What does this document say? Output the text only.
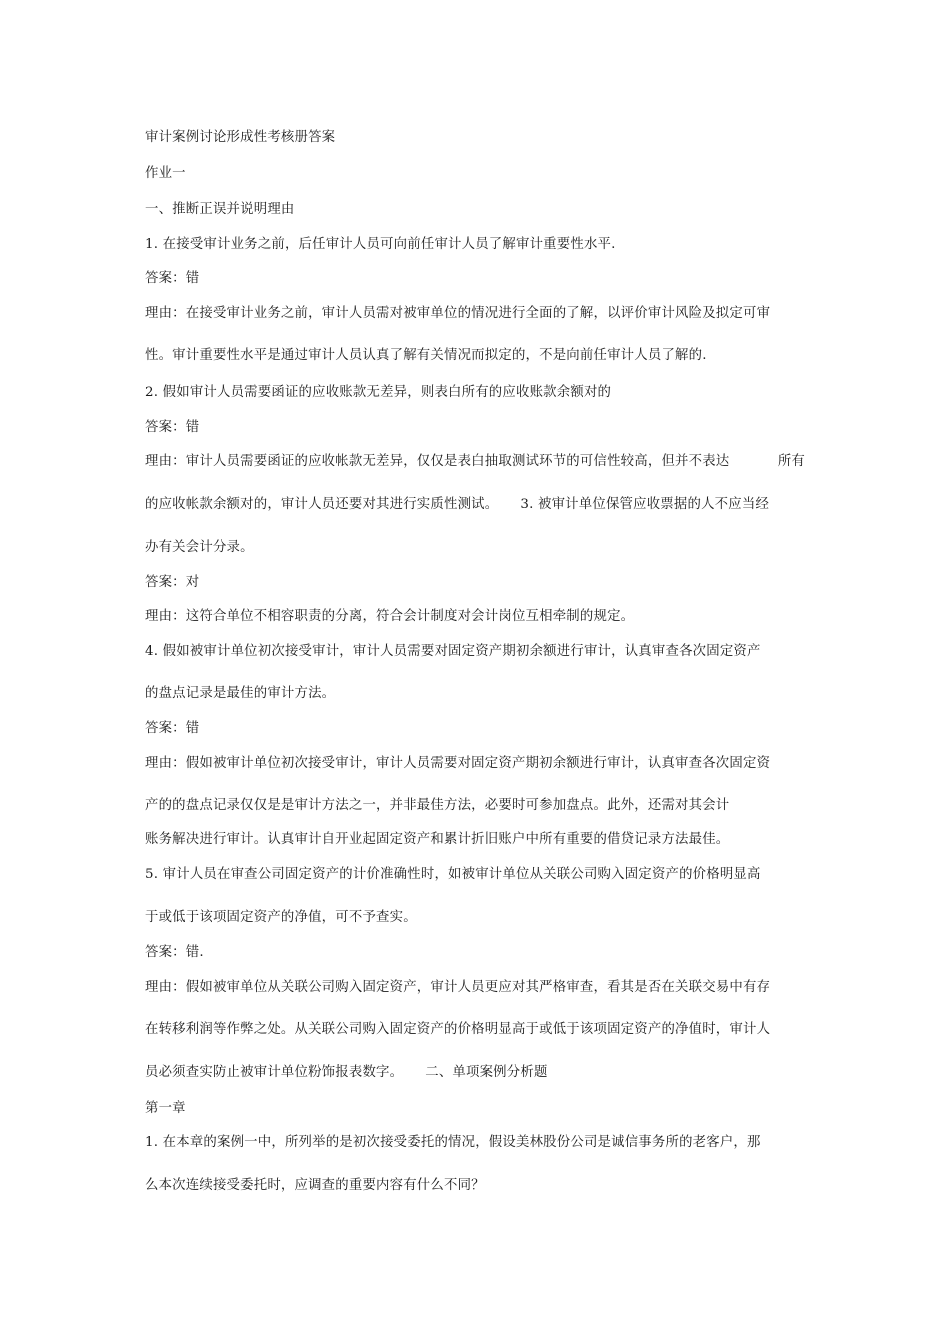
审计案例讨论形成性考核册答案
作业一
一、推断正误并说明理由
1. 在接受审计业务之前，后任审计人员可向前任审计人员了解审计重要性水平.
答案：错
理由：在接受审计业务之前，审计人员需对被审单位的情况进行全面的了解，以评价审计风险及拟定可审
性。审计重要性水平是通过审计人员认真了解有关情况而拟定的，不是向前任审计人员了解的.
2. 假如审计人员需要函证的应收账款无差异，则表白所有的应收账款余额对的
答案：错
理由：审计人员需要函证的应收帐款无差异，仅仅是表白抽取测试环节的可信性较高，但并不表达	所有
的应收帐款余额对的，审计人员还要对其进行实质性测试。 3. 被审计单位保管应收票据的人不应当经
办有关会计分录。
答案：对
理由：这符合单位不相容职责的分离，符合会计制度对会计岗位互相牵制的规定。
4. 假如被审计单位初次接受审计，审计人员需要对固定资产期初余额进行审计，认真审查各次固定资产
的盘点记录是最佳的审计方法。
答案：错
理由：假如被审计单位初次接受审计，审计人员需要对固定资产期初余额进行审计，认真审查各次固定资
产的的盘点记录仅仅是是审计方法之一，并非最佳方法，必要时可参加盘点。此外，还需对其会计
账务解决进行审计。认真审计自开业起固定资产和累计折旧账户中所有重要的借贷记录方法最佳。
5. 审计人员在审查公司固定资产的计价准确性时，如被审计单位从关联公司购入固定资产的价格明显高
于或低于该项固定资产的净值，可不予查实。
答案：错.
理由：假如被审单位从关联公司购入固定资产，审计人员更应对其严格审查，看其是否在关联交易中有存
在转移利润等作弊之处。从关联公司购入固定资产的价格明显高于或低于该项固定资产的净值时，审计人
员必须查实防止被审计单位粉饰报表数字。 二、单项案例分析题
第一章
1. 在本章的案例一中，所列举的是初次接受委托的情况，假设美林股份公司是诚信事务所的老客户，那
么本次连续接受委托时，应调查的重要内容有什么不同？
